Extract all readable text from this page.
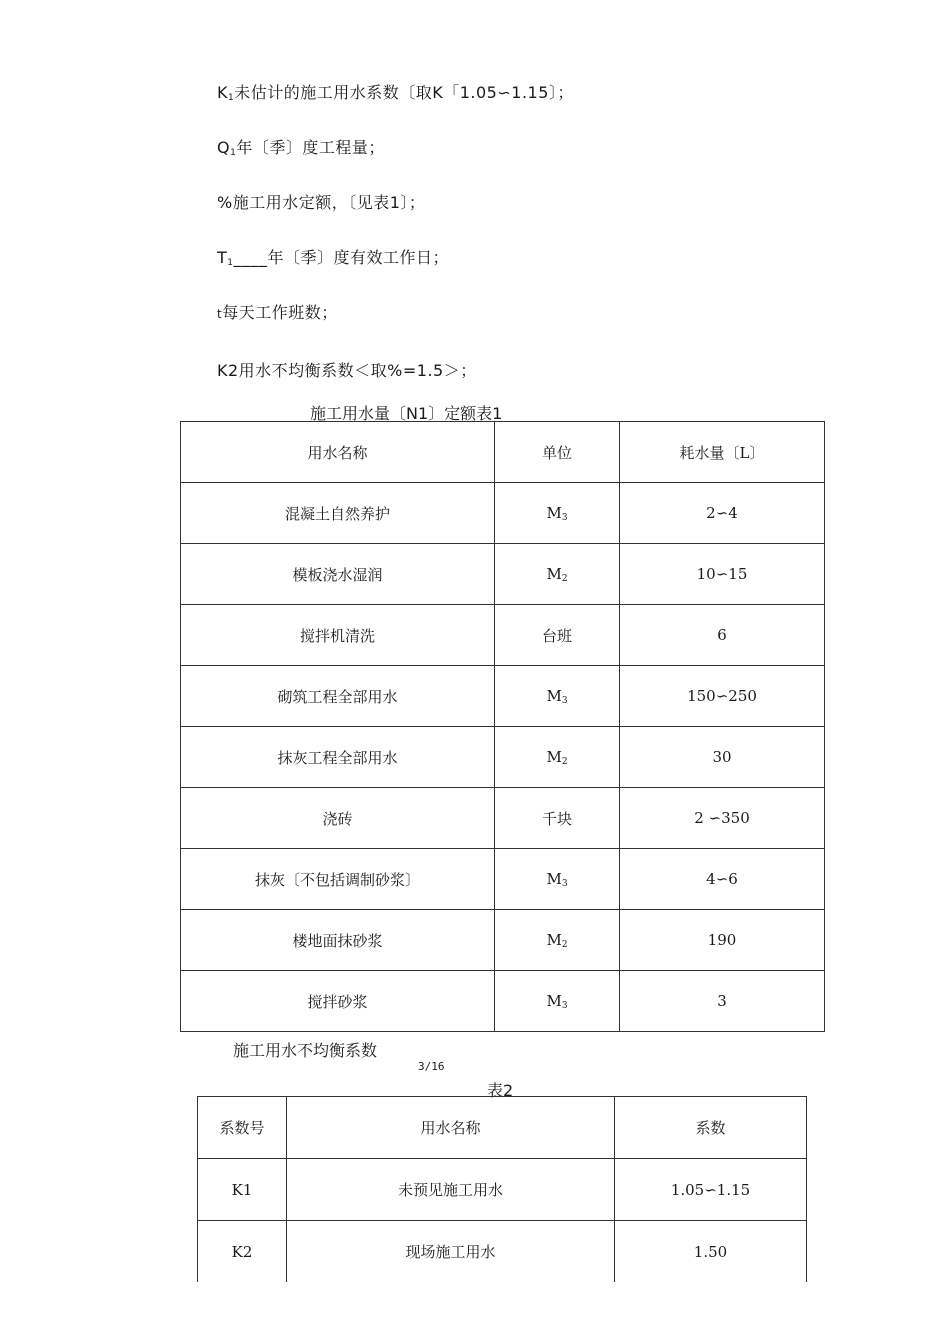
$K_1$未估计的施工用水系数〔取K「1.05∽1.15〕；
$Q_1$年〔季〕度工程量；
%施工用水定额，〔见表1〕；
$T_1\_\_\_\_$年〔季〕度有效工作日；
t每天工作班数；
K2用水不均衡系数＜取%=1.5＞；
施工用水量〔N1〕定额表1
用水名称	单位	耗水量〔L〕
混凝土自然养护	$M_3$	2∽4
模板浇水湿润	$M_2$	10∽15
搅拌机清洗	台班	6
砌筑工程全部用水	$M_3$	150∽250
抹灰工程全部用水	$M_2$	30
浇砖	千块	2 ∽350
抹灰〔不包括调制砂浆〕	$M_3$	4∽6
楼地面抹砂浆	$M_2$	190
搅拌砂浆	$M_3$	3
施工用水不均衡系数
3/16
表2
系数号	用水名称	系数
K1	未预见施工用水	1.05∽1.15
K2	现场施工用水	1.50
